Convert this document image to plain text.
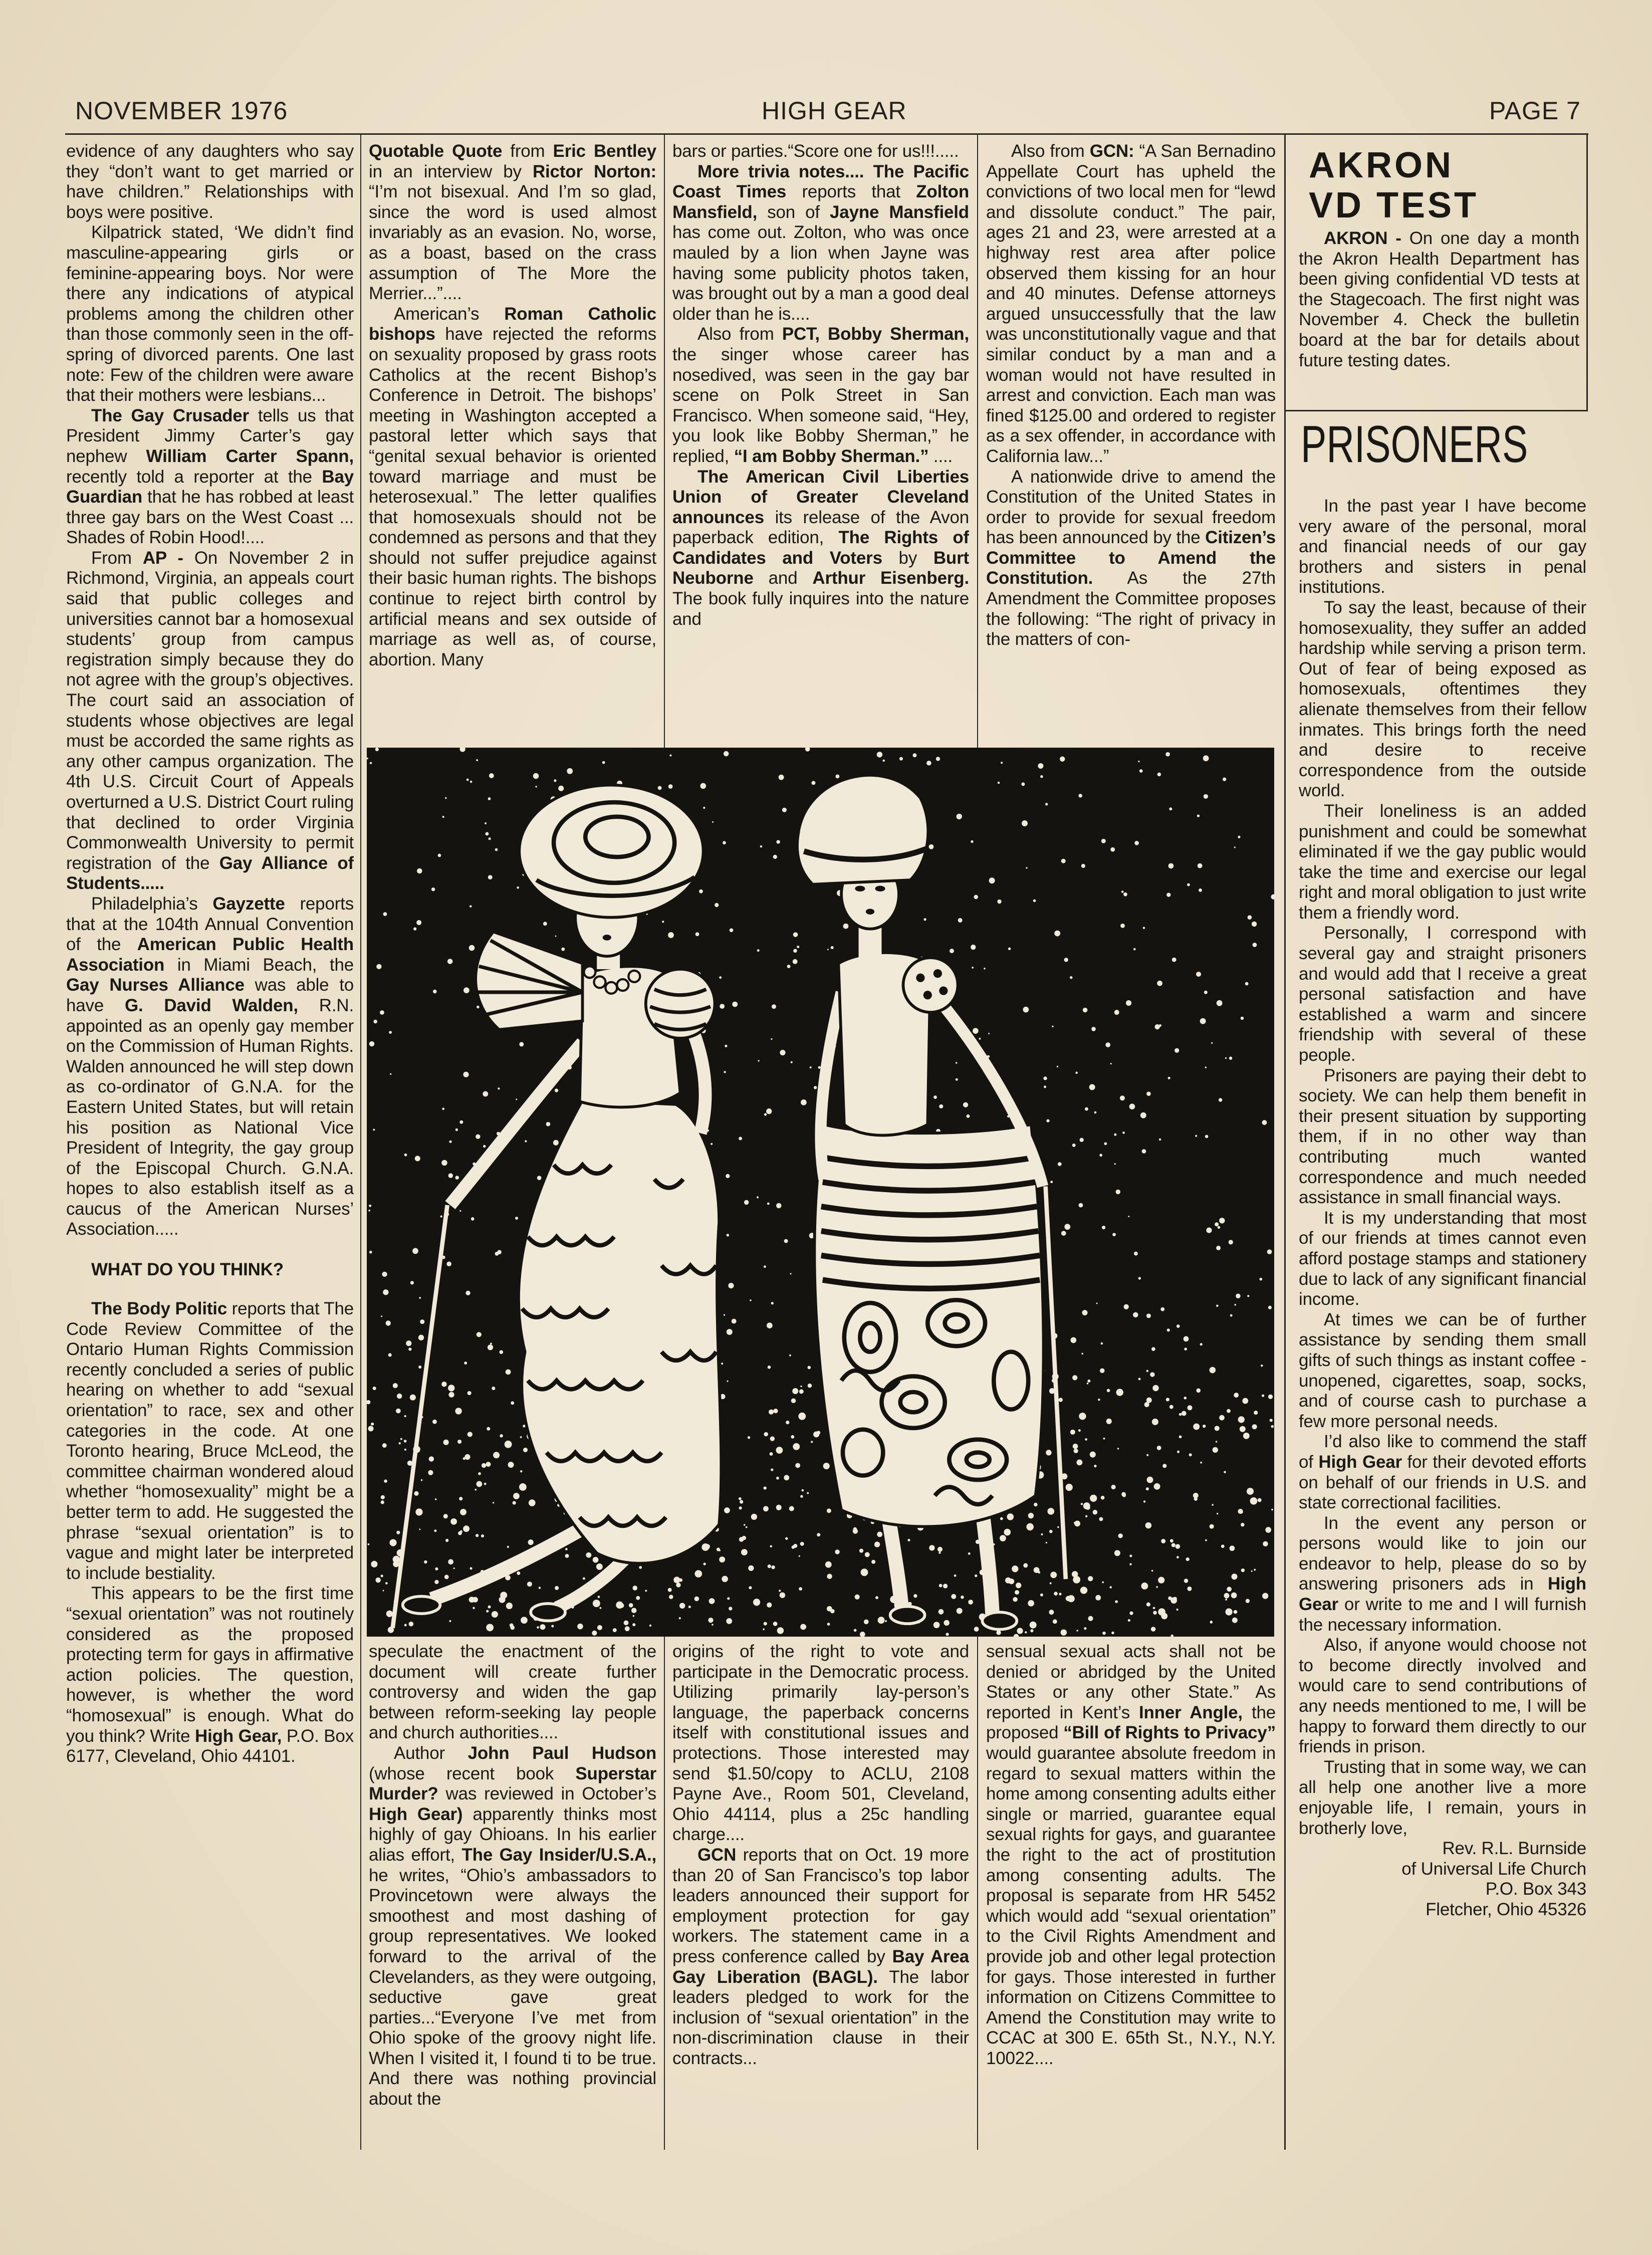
NOVEMBER 1976	HIGH GEAR	PAGE 7

evidence of any daughters who say they “don’t want to get married or have children.” Relationships with boys were positive.

Kilpatrick stated, ‘We didn’t find masculine-appearing girls or feminine-appearing boys. Nor were there any indications of atypical problems among the children other than those commonly seen in the off-spring of divorced parents. One last note: Few of the children were aware that their mothers were lesbians...

The Gay Crusader tells us that President Jimmy Carter’s gay nephew William Carter Spann, recently told a reporter at the Bay Guardian that he has robbed at least three gay bars on the West Coast ... Shades of Robin Hood!....

From AP - On November 2 in Richmond, Virginia, an appeals court said that public colleges and universities cannot bar a homosexual students’ group from campus registration simply because they do not agree with the group’s objectives. The court said an association of students whose objectives are legal must be accorded the same rights as any other campus organization. The 4th U.S. Circuit Court of Appeals overturned a U.S. District Court ruling that declined to order Virginia Commonwealth University to permit registration of the Gay Alliance of Students.....

Philadelphia’s Gayzette reports that at the 104th Annual Convention of the American Public Health Association in Miami Beach, the Gay Nurses Alliance was able to have G. David Walden, R.N. appointed as an openly gay member on the Commission of Human Rights. Walden announced he will step down as co-ordinator of G.N.A. for the Eastern United States, but will retain his position as National Vice President of Integrity, the gay group of the Episcopal Church. G.N.A. hopes to also establish itself as a caucus of the American Nurses’ Association.....

WHAT DO YOU THINK?

The Body Politic reports that The Code Review Committee of the Ontario Human Rights Commission recently concluded a series of public hearing on whether to add “sexual orientation” to race, sex and other categories in the code. At one Toronto hearing, Bruce McLeod, the committee chairman wondered aloud whether “homosexuality” might be a better term to add. He suggested the phrase “sexual orientation” is to vague and might later be interpreted to include bestiality.

This appears to be the first time “sexual orientation” was not routinely considered as the proposed protecting term for gays in affirmative action policies. The question, however, is whether the word “homosexual” is enough. What do you think? Write High Gear, P.O. Box 6177, Cleveland, Ohio 44101.

Quotable Quote from Eric Bentley in an interview by Rictor Norton: “I’m not bisexual. And I’m so glad, since the word is used almost invariably as an evasion. No, worse, as a boast, based on the crass assumption of The More the Merrier...”....

American’s Roman Catholic bishops have rejected the reforms on sexuality proposed by grass roots Catholics at the recent Bishop’s Conference in Detroit. The bishops’ meeting in Washington accepted a pastoral letter which says that “genital sexual behavior is oriented toward marriage and must be heterosexual.” The letter qualifies that homosexuals should not be condemned as persons and that they should not suffer prejudice against their basic human rights. The bishops continue to reject birth control by artificial means and sex outside of marriage as well as, of course, abortion. Many

bars or parties.“Score one for us!!!.....

More trivia notes.... The Pacific Coast Times reports that Zolton Mansfield, son of Jayne Mansfield has come out. Zolton, who was once mauled by a lion when Jayne was having some publicity photos taken, was brought out by a man a good deal older than he is....

Also from PCT, Bobby Sherman, the singer whose career has nosedived, was seen in the gay bar scene on Polk Street in San Francisco. When someone said, “Hey, you look like Bobby Sherman,” he replied, “I am Bobby Sherman.” ....

The American Civil Liberties Union of Greater Cleveland announces its release of the Avon paperback edition, The Rights of Candidates and Voters by Burt Neuborne and Arthur Eisenberg. The book fully inquires into the nature and

Also from GCN: “A San Bernadino Appellate Court has upheld the convictions of two local men for “lewd and dissolute conduct.” The pair, ages 21 and 23, were arrested at a highway rest area after police observed them kissing for an hour and 40 minutes. Defense attorneys argued unsuccessfully that the law was unconstitutionally vague and that similar conduct by a man and a woman would not have resulted in arrest and conviction. Each man was fined $125.00 and ordered to register as a sex offender, in accordance with California law...”

A nationwide drive to amend the Constitution of the United States in order to provide for sexual freedom has been announced by the Citizen’s Committee to Amend the Constitution. As the 27th Amendment the Committee proposes the following: “The right of privacy in the matters of con-

speculate the enactment of the document will create further controversy and widen the gap between reform-seeking lay people and church authorities....

Author John Paul Hudson (whose recent book Superstar Murder? was reviewed in October’s High Gear) apparently thinks most highly of gay Ohioans. In his earlier alias effort, The Gay Insider/U.S.A., he writes, “Ohio’s ambassadors to Provincetown were always the smoothest and most dashing of group representatives. We looked forward to the arrival of the Clevelanders, as they were outgoing, seductive gave great parties...“Everyone I’ve met from Ohio spoke of the groovy night life. When I visited it, I found ti to be true. And there was nothing provincial about the

origins of the right to vote and participate in the Democratic process. Utilizing primarily lay-person’s language, the paperback concerns itself with constitutional issues and protections. Those interested may send $1.50/copy to ACLU, 2108 Payne Ave., Room 501, Cleveland, Ohio 44114, plus a 25c handling charge....

GCN reports that on Oct. 19 more than 20 of San Francisco’s top labor leaders announced their support for employment protection for gay workers. The statement came in a press conference called by Bay Area Gay Liberation (BAGL). The labor leaders pledged to work for the inclusion of “sexual orientation” in the non-discrimination clause in their contracts...

sensual sexual acts shall not be denied or abridged by the United States or any other State.” As reported in Kent’s Inner Angle, the proposed “Bill of Rights to Privacy” would guarantee absolute freedom in regard to sexual matters within the home among consenting adults either single or married, guarantee equal sexual rights for gays, and guarantee the right to the act of prostitution among consenting adults. The proposal is separate from HR 5452 which would add “sexual orientation” to the Civil Rights Amendment and provide job and other legal protection for gays. Those interested in further information on Citizens Committee to Amend the Constitution may write to CCAC at 300 E. 65th St., N.Y., N.Y. 10022....

AKRON
VD TEST

AKRON - On one day a month the Akron Health Department has been giving confidential VD tests at the Stagecoach. The first night was November 4. Check the bulletin board at the bar for details about future testing dates.

PRISONERS

In the past year I have become very aware of the personal, moral and financial needs of our gay brothers and sisters in penal institutions.

To say the least, because of their homosexuality, they suffer an added hardship while serving a prison term. Out of fear of being exposed as homosexuals, oftentimes they alienate themselves from their fellow inmates. This brings forth the need and desire to receive correspondence from the outside world.

Their loneliness is an added punishment and could be somewhat eliminated if we the gay public would take the time and exercise our legal right and moral obligation to just write them a friendly word.

Personally, I correspond with several gay and straight prisoners and would add that I receive a great personal satisfaction and have established a warm and sincere friendship with several of these people.

Prisoners are paying their debt to society. We can help them benefit in their present situation by supporting them, if in no other way than contributing much wanted correspondence and much needed assistance in small financial ways.

It is my understanding that most of our friends at times cannot even afford postage stamps and stationery due to lack of any significant financial income.

At times we can be of further assistance by sending them small gifts of such things as instant coffee - unopened, cigarettes, soap, socks, and of course cash to purchase a few more personal needs.

I’d also like to commend the staff of High Gear for their devoted efforts on behalf of our friends in U.S. and state correctional facilities.

In the event any person or persons would like to join our endeavor to help, please do so by answering prisoners ads in High Gear or write to me and I will furnish the necessary information.

Also, if anyone would choose not to become directly involved and would care to send contributions of any needs mentioned to me, I will be happy to forward them directly to our friends in prison.

Trusting that in some way, we can all help one another live a more enjoyable life, I remain, yours in brotherly love,

Rev. R.L. Burnside
of Universal Life Church
P.O. Box 343
Fletcher, Ohio 45326
